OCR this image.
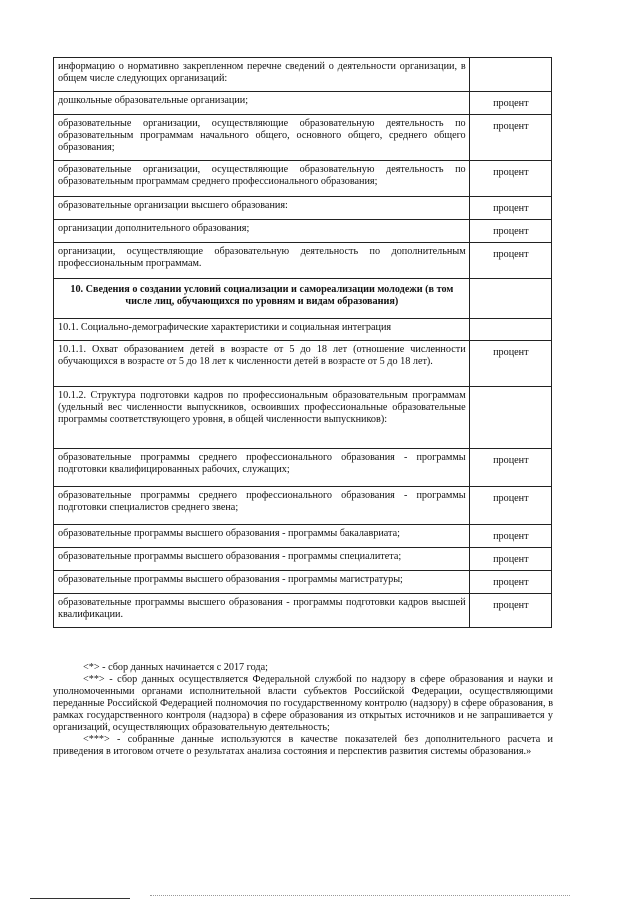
информацию о нормативно закрепленном перечне сведений о деятельности организации, в общем числе следующих организаций:	
дошкольные образовательные организации;	процент
образовательные организации, осуществляющие образовательную деятельность по образовательным программам начального общего, основного общего, среднего общего образования;	процент
образовательные организации, осуществляющие образовательную деятельность по образовательным программам среднего профессионального образования;	процент
образовательные организации высшего образования:	процент
организации дополнительного образования;	процент
организации, осуществляющие образовательную деятельность по дополнительным профессиональным программам.	процент
10. Сведения о создании условий социализации и самореализации молодежи (в том числе лиц, обучающихся по уровням и видам образования)	
10.1. Социально-демографические характеристики и социальная интеграция	
10.1.1. Охват образованием детей в возрасте от 5 до 18 лет (отношение численности обучающихся в возрасте от 5 до 18 лет к численности детей в возрасте от 5 до 18 лет).	процент
10.1.2. Структура подготовки кадров по профессиональным образовательным программам (удельный вес численности выпускников, освоивших профессиональные образовательные программы соответствующего уровня, в общей численности выпускников):	
образовательные программы среднего профессионального образования - программы подготовки квалифицированных рабочих, служащих;	процент
образовательные программы среднего профессионального образования - программы подготовки специалистов среднего звена;	процент
образовательные программы высшего образования - программы бакалавриата;	процент
образовательные программы высшего образования - программы специалитета;	процент
образовательные программы высшего образования - программы магистратуры;	процент
образовательные программы высшего образования - программы подготовки кадров высшей квалификации.	процент

<*> - сбор данных начинается с 2017 года;

<**> - сбор данных осуществляется Федеральной службой по надзору в сфере образования и науки и уполномоченными органами исполнительной власти субъектов Российской Федерации, осуществляющими переданные Российской Федерацией полномочия по государственному контролю (надзору) в сфере образования, в рамках государственного контроля (надзора) в сфере образования из открытых источников и не запрашивается у организаций, осуществляющих образовательную деятельность;

<***> - собранные данные используются в качестве показателей без дополнительного расчета и приведения в итоговом отчете о результатах анализа состояния и перспектив развития системы образования.»
